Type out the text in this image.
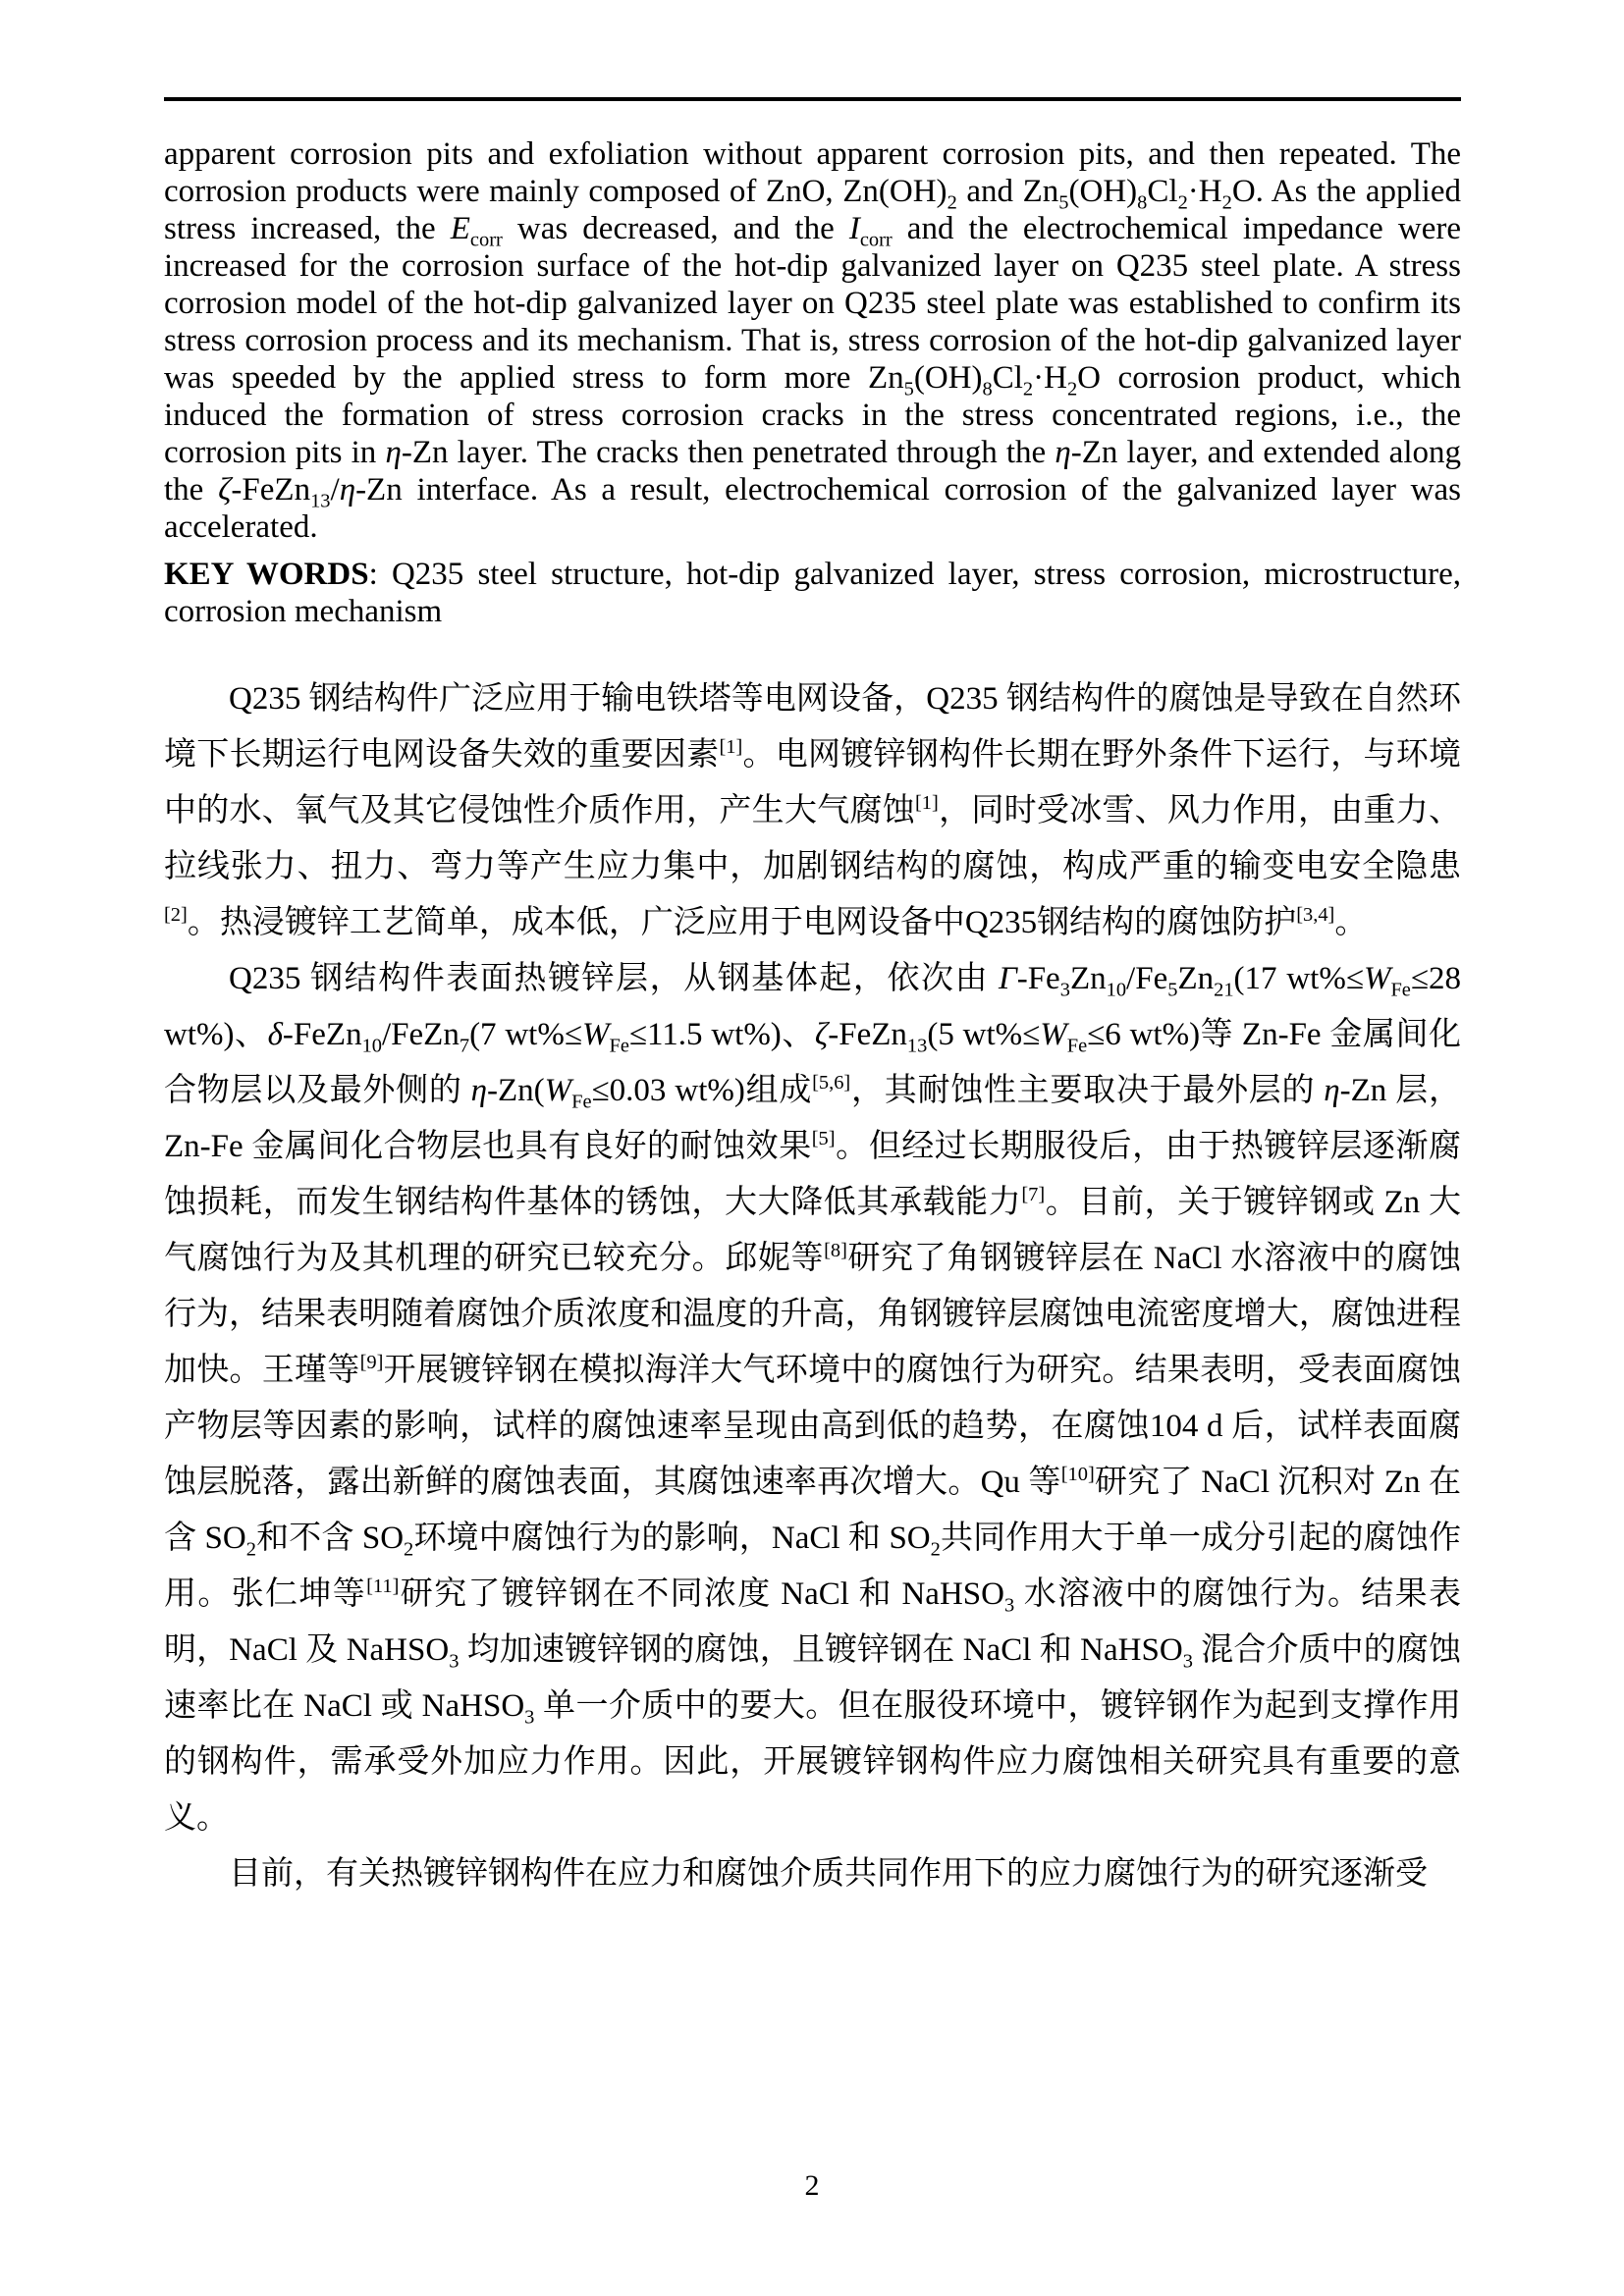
apparent corrosion pits and exfoliation without apparent corrosion pits, and then repeated. The corrosion products were mainly composed of ZnO, $Zn(OH)_2$ and $Zn_5(OH)_8Cl_2\cdot H_2O$. As the applied stress increased, the $E_{corr}$ was decreased, and the $I_{corr}$ and the electrochemical impedance were increased for the corrosion surface of the hot-dip galvanized layer on Q235 steel plate. A stress corrosion model of the hot-dip galvanized layer on Q235 steel plate was established to confirm its stress corrosion process and its mechanism. That is, stress corrosion of the hot-dip galvanized layer was speeded by the applied stress to form more $Zn_5(OH)_8Cl_2\cdot H_2O$ corrosion product, which induced the formation of stress corrosion cracks in the stress concentrated regions, i.e., the corrosion pits in η-Zn layer. The cracks then penetrated through the η-Zn layer, and extended along the ζ-FeZn$_{13}$/η-Zn interface. As a result, electrochemical corrosion of the galvanized layer was accelerated.

KEY WORDS: Q235 steel structure, hot-dip galvanized layer, stress corrosion, microstructure, corrosion mechanism

Q235 钢结构件广泛应用于输电铁塔等电网设备，Q235 钢结构件的腐蚀是导致在自然环境下长期运行电网设备失效的重要因素[1]。电网镀锌钢构件长期在野外条件下运行，与环境中的水、氧气及其它侵蚀性介质作用，产生大气腐蚀[1]，同时受冰雪、风力作用，由重力、拉线张力、扭力、弯力等产生应力集中，加剧钢结构的腐蚀，构成严重的输变电安全隐患[2]。热浸镀锌工艺简单，成本低，广泛应用于电网设备中Q235钢结构的腐蚀防护[3,4]。

Q235 钢结构件表面热镀锌层，从钢基体起，依次由 $\Gamma-Fe_3Zn_{10}/Fe_5Zn_{21}(17$ $wt\%\le W_{Fe}\le 28$ wt%)、δ-FeZn$_{10}$/FeZn$_7$(7 $wt\%\le W_{Fe}\le 11.5$ wt%)、ζ-FeZn$_{13}$(5 $wt\%\le W_{Fe}\le 6$ wt%)等 Zn-Fe 金属间化合物层以及最外侧的 $\eta-Zn(W_{Fe}\le 0.03$ wt%)组成[5,6]，其耐蚀性主要取决于最外层的 η-Zn 层，Zn-Fe 金属间化合物层也具有良好的耐蚀效果[5]。但经过长期服役后，由于热镀锌层逐渐腐蚀损耗，而发生钢结构件基体的锈蚀，大大降低其承载能力[7]。目前，关于镀锌钢或 Zn 大气腐蚀行为及其机理的研究已较充分。邱妮等[8]研究了角钢镀锌层在 NaCl 水溶液中的腐蚀行为，结果表明随着腐蚀介质浓度和温度的升高，角钢镀锌层腐蚀电流密度增大，腐蚀进程加快。王瑾等[9]开展镀锌钢在模拟海洋大气环境中的腐蚀行为研究。结果表明，受表面腐蚀产物层等因素的影响，试样的腐蚀速率呈现由高到低的趋势，在腐蚀104 d 后，试样表面腐蚀层脱落，露出新鲜的腐蚀表面，其腐蚀速率再次增大。Qu 等[10]研究了 NaCl 沉积对 Zn 在含 $SO_2$和不含 $SO_2$环境中腐蚀行为的影响，NaCl 和 $SO_2$共同作用大于单一成分引起的腐蚀作用。张仁坤等[11]研究了镀锌钢在不同浓度 NaCl 和 NaHSO$_3$ 水溶液中的腐蚀行为。结果表明，NaCl 及 NaHSO$_3$ 均加速镀锌钢的腐蚀，且镀锌钢在 NaCl 和 NaHSO$_3$ 混合介质中的腐蚀速率比在 NaCl 或 NaHSO$_3$ 单一介质中的要大。但在服役环境中，镀锌钢作为起到支撑作用的钢构件，需承受外加应力作用。因此，开展镀锌钢构件应力腐蚀相关研究具有重要的意义。

目前，有关热镀锌钢构件在应力和腐蚀介质共同作用下的应力腐蚀行为的研究逐渐受

2
